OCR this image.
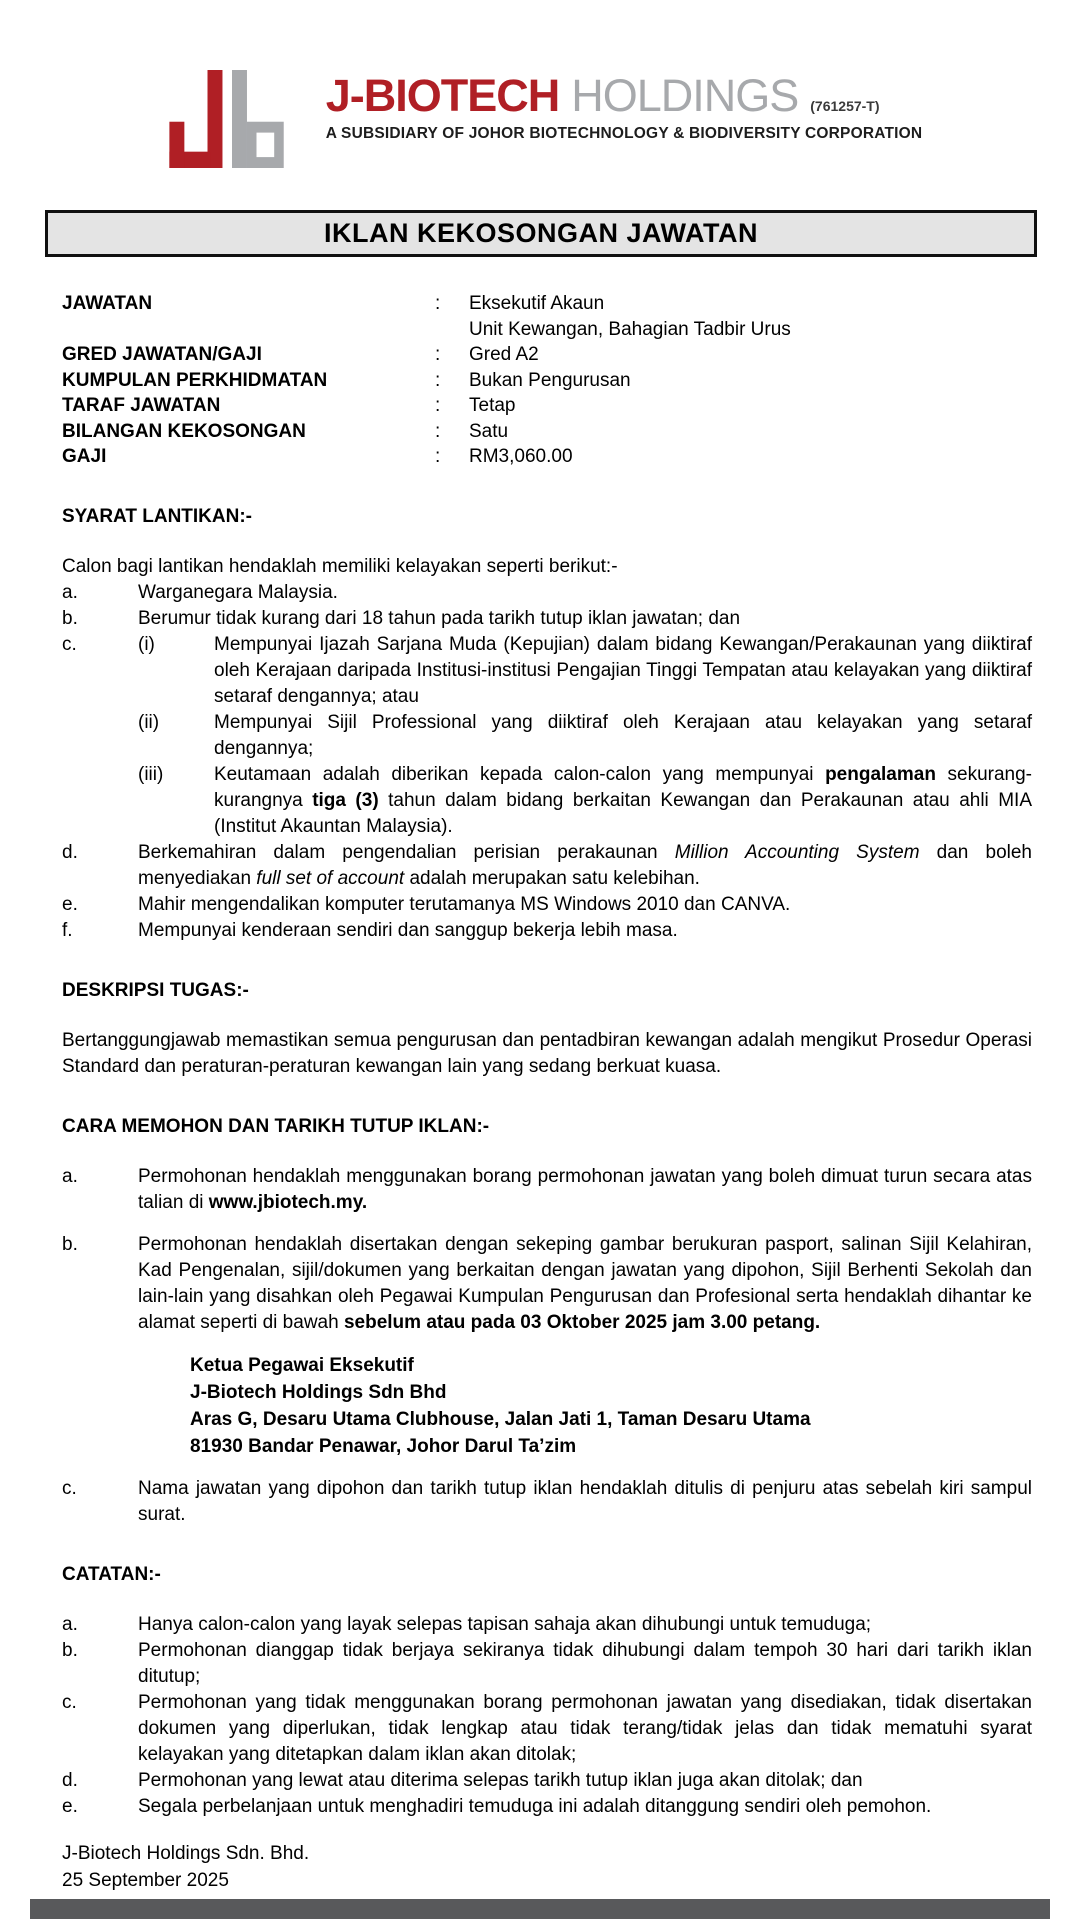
J-BIOTECH HOLDINGS (761257-T)
A SUBSIDIARY OF JOHOR BIOTECHNOLOGY & BIODIVERSITY CORPORATION
IKLAN KEKOSONGAN JAWATAN
JAWATAN	:	Eksekutif Akaun
Unit Kewangan, Bahagian Tadbir Urus
GRED JAWATAN/GAJI	:	Gred A2
KUMPULAN PERKHIDMATAN	:	Bukan Pengurusan
TARAF JAWATAN	:	Tetap
BILANGAN KEKOSONGAN	:	Satu
GAJI	:	RM3,060.00
SYARAT LANTIKAN:-
Calon bagi lantikan hendaklah memiliki kelayakan seperti berikut:-
a.	Warganegara Malaysia.
b.	Berumur tidak kurang dari 18 tahun pada tarikh tutup iklan jawatan; dan
c.	(i)	Mempunyai Ijazah Sarjana Muda (Kepujian) dalam bidang Kewangan/Perakaunan yang diiktiraf oleh Kerajaan daripada Institusi-institusi Pengajian Tinggi Tempatan atau kelayakan yang diiktiraf setaraf dengannya; atau
(ii)	Mempunyai Sijil Professional yang diiktiraf oleh Kerajaan atau kelayakan yang setaraf dengannya;
(iii)	Keutamaan adalah diberikan kepada calon-calon yang mempunyai pengalaman sekurang-kurangnya tiga (3) tahun dalam bidang berkaitan Kewangan dan Perakaunan atau ahli MIA (Institut Akauntan Malaysia).
d.	Berkemahiran dalam pengendalian perisian perakaunan Million Accounting System dan boleh menyediakan full set of account adalah merupakan satu kelebihan.
e.	Mahir mengendalikan komputer terutamanya MS Windows 2010 dan CANVA.
f.	Mempunyai kenderaan sendiri dan sanggup bekerja lebih masa.
DESKRIPSI TUGAS:-
Bertanggungjawab memastikan semua pengurusan dan pentadbiran kewangan adalah mengikut Prosedur Operasi Standard dan peraturan-peraturan kewangan lain yang sedang berkuat kuasa.
CARA MEMOHON DAN TARIKH TUTUP IKLAN:-
a.	Permohonan hendaklah menggunakan borang permohonan jawatan yang boleh dimuat turun secara atas talian di www.jbiotech.my.
b.	Permohonan hendaklah disertakan dengan sekeping gambar berukuran pasport, salinan Sijil Kelahiran, Kad Pengenalan, sijil/dokumen yang berkaitan dengan jawatan yang dipohon, Sijil Berhenti Sekolah dan lain-lain yang disahkan oleh Pegawai Kumpulan Pengurusan dan Profesional serta hendaklah dihantar ke alamat seperti di bawah sebelum atau pada 03 Oktober 2025 jam 3.00 petang.
Ketua Pegawai Eksekutif
J-Biotech Holdings Sdn Bhd
Aras G, Desaru Utama Clubhouse, Jalan Jati 1, Taman Desaru Utama
81930 Bandar Penawar, Johor Darul Ta’zim
c.	Nama jawatan yang dipohon dan tarikh tutup iklan hendaklah ditulis di penjuru atas sebelah kiri sampul surat.
CATATAN:-
a.	Hanya calon-calon yang layak selepas tapisan sahaja akan dihubungi untuk temuduga;
b.	Permohonan dianggap tidak berjaya sekiranya tidak dihubungi dalam tempoh 30 hari dari tarikh iklan ditutup;
c.	Permohonan yang tidak menggunakan borang permohonan jawatan yang disediakan, tidak disertakan dokumen yang diperlukan, tidak lengkap atau tidak terang/tidak jelas dan tidak mematuhi syarat kelayakan yang ditetapkan dalam iklan akan ditolak;
d.	Permohonan yang lewat atau diterima selepas tarikh tutup iklan juga akan ditolak; dan
e.	Segala perbelanjaan untuk menghadiri temuduga ini adalah ditanggung sendiri oleh pemohon.
J-Biotech Holdings Sdn. Bhd.
25 September 2025
